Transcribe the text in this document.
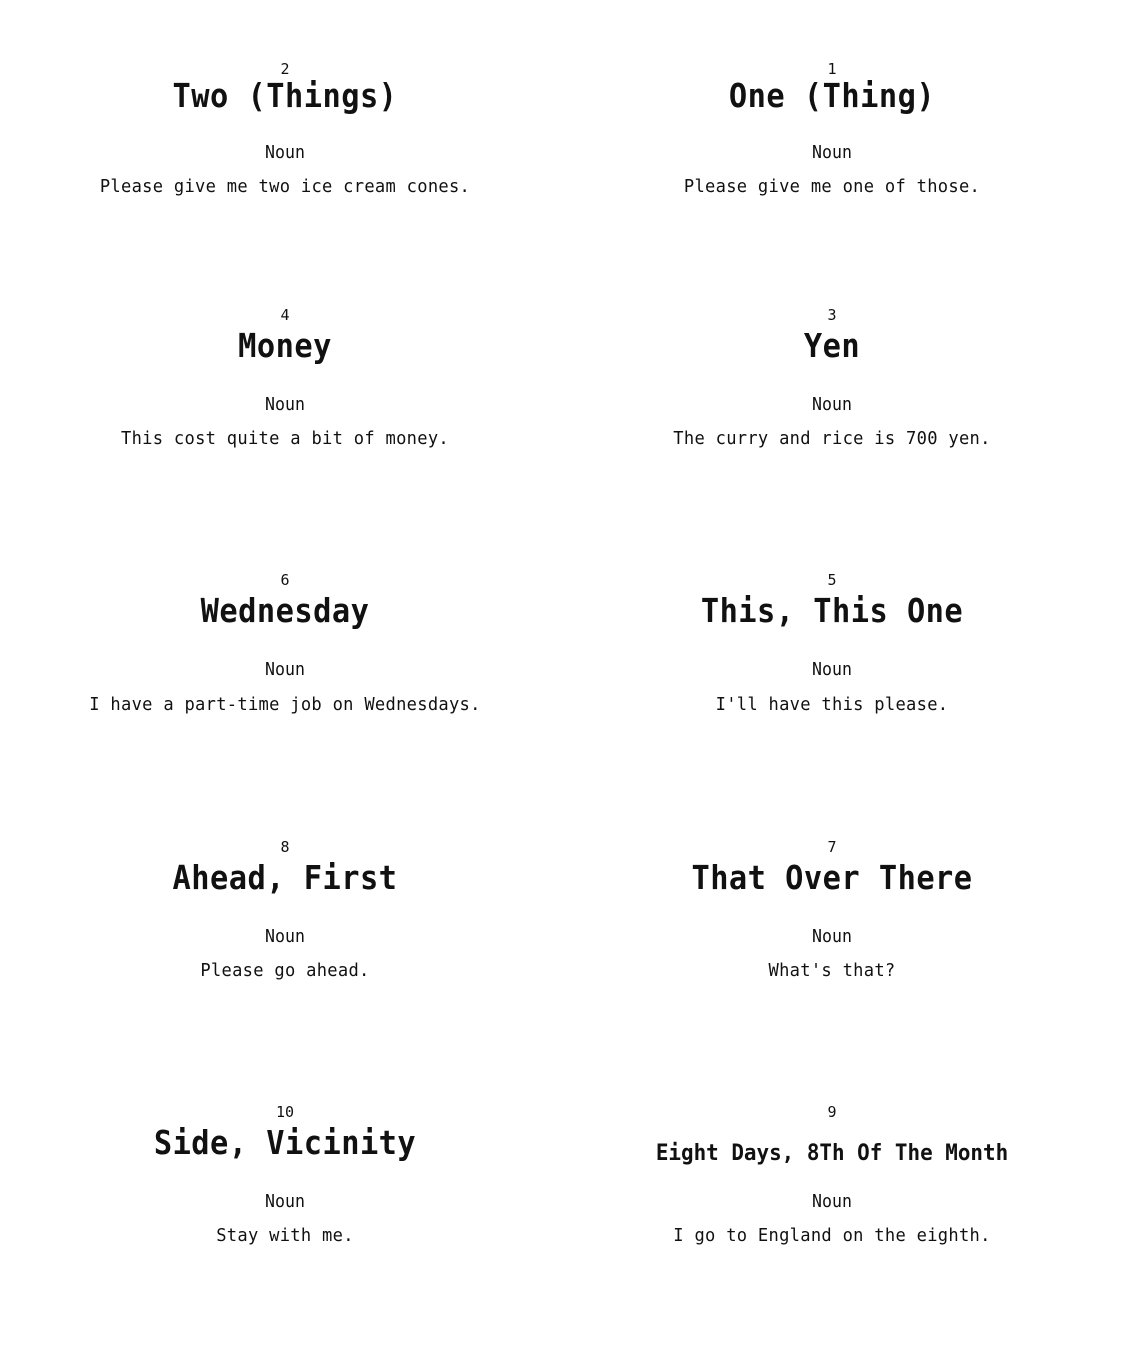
2
Two (Things)
Noun
Please give me two ice cream cones.
1
One (Thing)
Noun
Please give me one of those.
4
Money
Noun
This cost quite a bit of money.
3
Yen
Noun
The curry and rice is 700 yen.
6
Wednesday
Noun
I have a part-time job on Wednesdays.
5
This, This One
Noun
I'll have this please.
8
Ahead, First
Noun
Please go ahead.
7
That Over There
Noun
What's that?
10
Side, Vicinity
Noun
Stay with me.
9
Eight Days, 8Th Of The Month
Noun
I go to England on the eighth.
